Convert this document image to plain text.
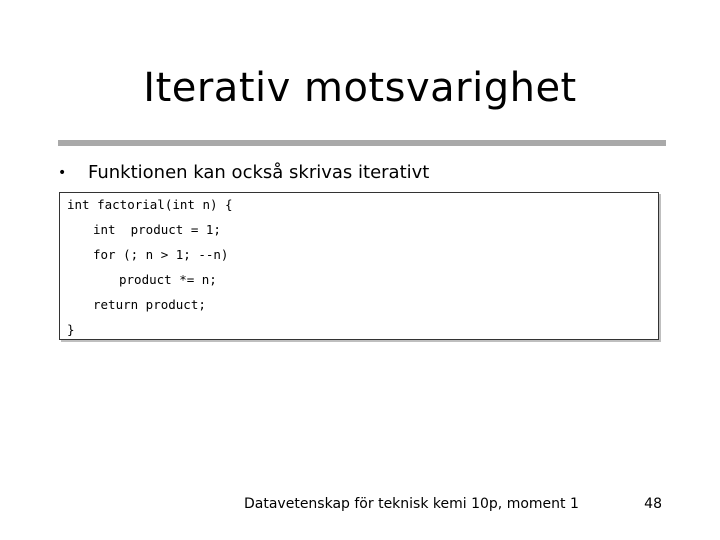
Iterativ motsvarighet
•	Funktionen kan också skrivas iterativt
int factorial(int n) {
int  product = 1;
for (; n > 1; --n)
product *= n;
return product;
}
Datavetenskap för teknisk kemi 10p, moment 1	48
